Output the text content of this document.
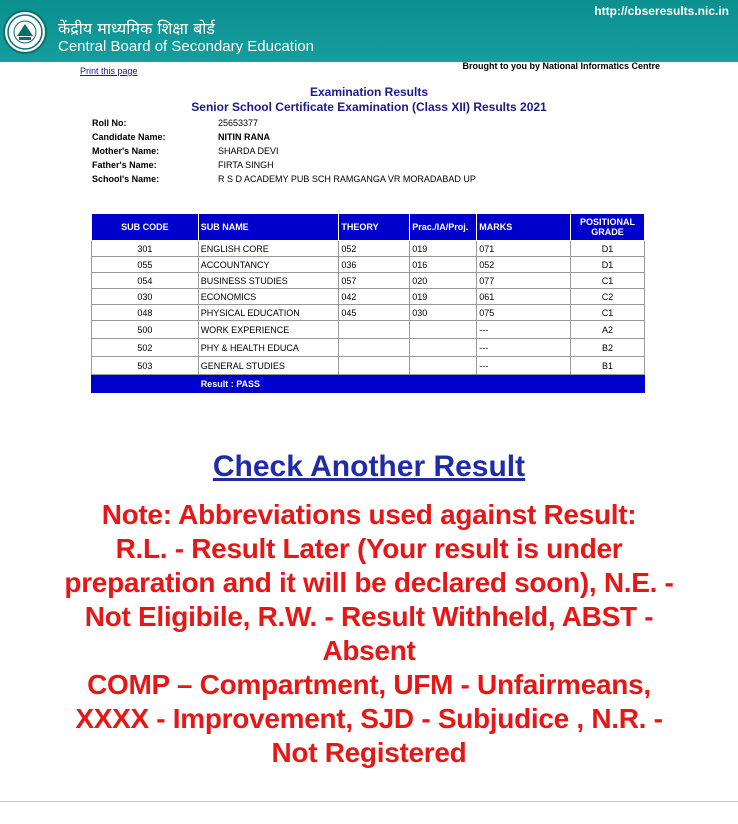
केंद्रीय माध्यमिक शिक्षा बोर्ड
Central Board of Secondary Education
http://cbseresults.nic.in
Print this page	Brought to you by National Informatics Centre
Examination Results
Senior School Certificate Examination (Class XII) Results 2021
Roll No:	25653377
Candidate Name:	NITIN RANA
Mother's Name:	SHARDA DEVI
Father's Name:	FIRTA SINGH
School's Name:	R S D ACADEMY PUB SCH RAMGANGA VR MORADABAD UP
SUB CODE	SUB NAME	THEORY	Prac./IA/Proj.	MARKS	POSITIONAL GRADE
301	ENGLISH CORE	052	019	071	D1
055	ACCOUNTANCY	036	016	052	D1
054	BUSINESS STUDIES	057	020	077	C1
030	ECONOMICS	042	019	061	C2
048	PHYSICAL EDUCATION	045	030	075	C1
500	WORK EXPERIENCE			---	A2
502	PHY & HEALTH EDUCA			---	B2
503	GENERAL STUDIES			---	B1
	Result : PASS				
Check Another Result
Note: Abbreviations used against Result:
R.L. - Result Later (Your result is under
preparation and it will be declared soon), N.E. -
Not Eligibile, R.W. - Result Withheld, ABST -
Absent
COMP – Compartment, UFM - Unfairmeans,
XXXX - Improvement, SJD - Subjudice , N.R. -
Not Registered
